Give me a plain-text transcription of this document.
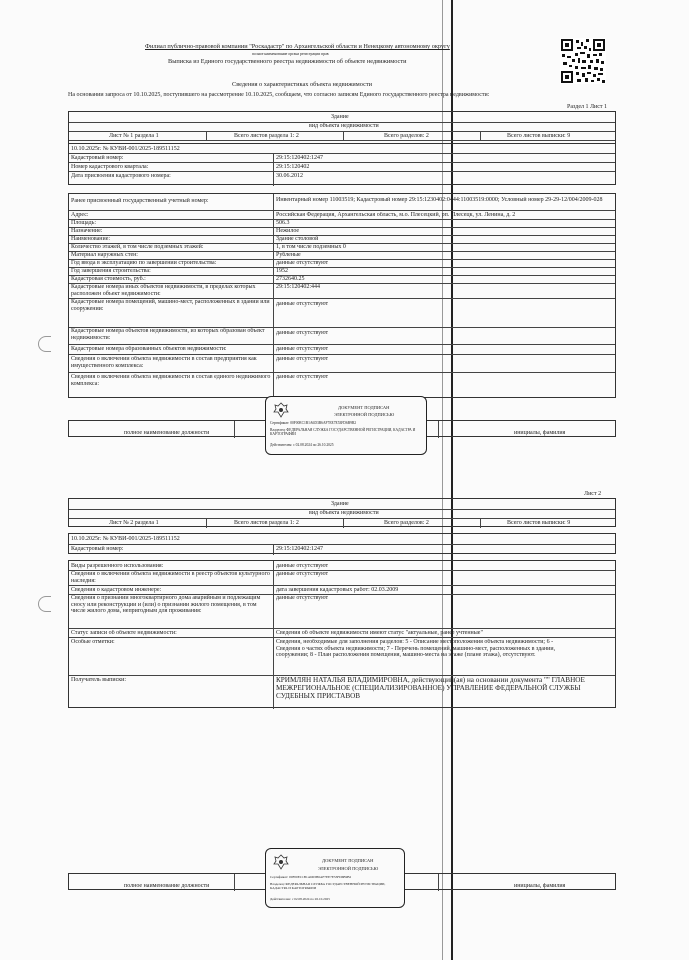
Филиал публично-правовой компании "Роскадастр" по Архангельской области и Ненецкому автономному округу
полное наименование органа регистрации прав
Выписка из Единого государственного реестра недвижимости об объекте недвижимости
Сведения о характеристиках объекта недвижимости
На основании запроса от 10.10.2025, поступившего на рассмотрение 10.10.2025, сообщаем, что согласно записям Единого государственного реестра недвижимости:
Раздел 1 Лист 1
Здание
вид объекта недвижимости
Лист № 1 раздела 1	Всего листов раздела 1: 2	Всего разделов: 2	Всего листов выписки: 9
10.10.2025г. № КУВИ-001/2025-189511152
Кадастровый номер:	29:15:120402:1247
Номер кадастрового квартала:	29:15:120402
Дата присвоения кадастрового номера:	30.06.2012
Ранее присвоенный государственный учетный номер:	Инвентарный номер 11003519; Кадастровый номер 29:15:1230402:0444:11003519:0000; Условный номер 29-29-12/004/2009-028
Адрес:	Российская Федерация, Архангельская область, м.о. Плесецкий, рп. Плесецк, ул. Ленина, д. 2
Площадь:	506.3
Назначение:	Нежилое
Наименование:	Здание столовой
Количество этажей, в том числе подземных этажей:	1, в том числе подземных 0
Материал наружных стен:	Рубленые
Год ввода в эксплуатацию по завершении строительства:	данные отсутствуют
Год завершения строительства:	1952
Кадастровая стоимость, руб.:	2732640.25
Кадастровые номера иных объектов недвижимости, в пределах которых расположен объект недвижимости:
29:15:120402:444
Кадастровые номера помещений, машино-мест, расположенных в здании или сооружении:
данные отсутствуют
Кадастровые номера объектов недвижимости, из которых образован объект недвижимости:
данные отсутствуют
Кадастровые номера образованных объектов недвижимости:	данные отсутствуют
Сведения о включении объекта недвижимости в состав предприятия как имущественного комплекса:
данные отсутствуют
Сведения о включении объекта недвижимости в состав единого недвижимого комплекса:
данные отсутствуют
полное наименование должности	инициалы, фамилия
ДОКУМЕНТ ПОДПИСАН
ЭЛЕКТРОННОЙ ПОДПИСЬЮ
Сертификат: 00F00EC1B1A6D3B6AF7EE7E53FD6B9B2
Владелец: ФЕДЕРАЛЬНАЯ СЛУЖБА ГОСУДАРСТВЕННОЙ РЕГИСТРАЦИИ, КАДАСТРА И КАРТОГРАФИИ
Действителен: с 02.08.2024 по 26.10.2025
Лист 2
Здание
вид объекта недвижимости
Лист № 2 раздела 1	Всего листов раздела 1: 2	Всего разделов: 2	Всего листов выписки: 9
10.10.2025г. № КУВИ-001/2025-189511152
Кадастровый номер:	29:15:120402:1247
Виды разрешенного использования:	данные отсутствуют
Сведения о включении объекта недвижимости в реестр объектов культурного наследия:
данные отсутствуют
Сведения о кадастровом инженере:	дата завершения кадастровых работ: 02.03.2009
Сведения о признании многоквартирного дома аварийным и подлежащим сносу или реконструкции и (или) о признании жилого помещения, в том числе жилого дома, непригодным для проживания:
данные отсутствуют
Статус записи об объекте недвижимости:	Сведения об объекте недвижимости имеют статус "актуальные, ранее учтенные"
Особые отметки:	Сведения, необходимые для заполнения разделов: 5 - Описание местоположения объекта недвижимости; 6 - Сведения о частях объекта недвижимости; 7 - Перечень помещений, машино-мест, расположенных в здании, сооружении; 8 - План расположения помещения, машино-места на этаже (плане этажа), отсутствуют.
Получатель выписки:	КРИМЛЯН НАТАЛЬЯ ВЛАДИМИРОВНА, действующий(ая) на основании документа "" ГЛАВНОЕ МЕЖРЕГИОНАЛЬНОЕ (СПЕЦИАЛИЗИРОВАННОЕ) УПРАВЛЕНИЕ ФЕДЕРАЛЬНОЙ СЛУЖБЫ СУДЕБНЫХ ПРИСТАВОВ
полное наименование должности	инициалы, фамилия
ДОКУМЕНТ ПОДПИСАН
ЭЛЕКТРОННОЙ ПОДПИСЬЮ
Сертификат: 00F00EC1B1A6D3B6AF7EE7E53FD6B9B2
Владелец: ФЕДЕРАЛЬНАЯ СЛУЖБА ГОСУДАРСТВЕННОЙ РЕГИСТРАЦИИ, КАДАСТРА И КАРТОГРАФИИ
Действителен: с 02.08.2024 по 26.10.2025
